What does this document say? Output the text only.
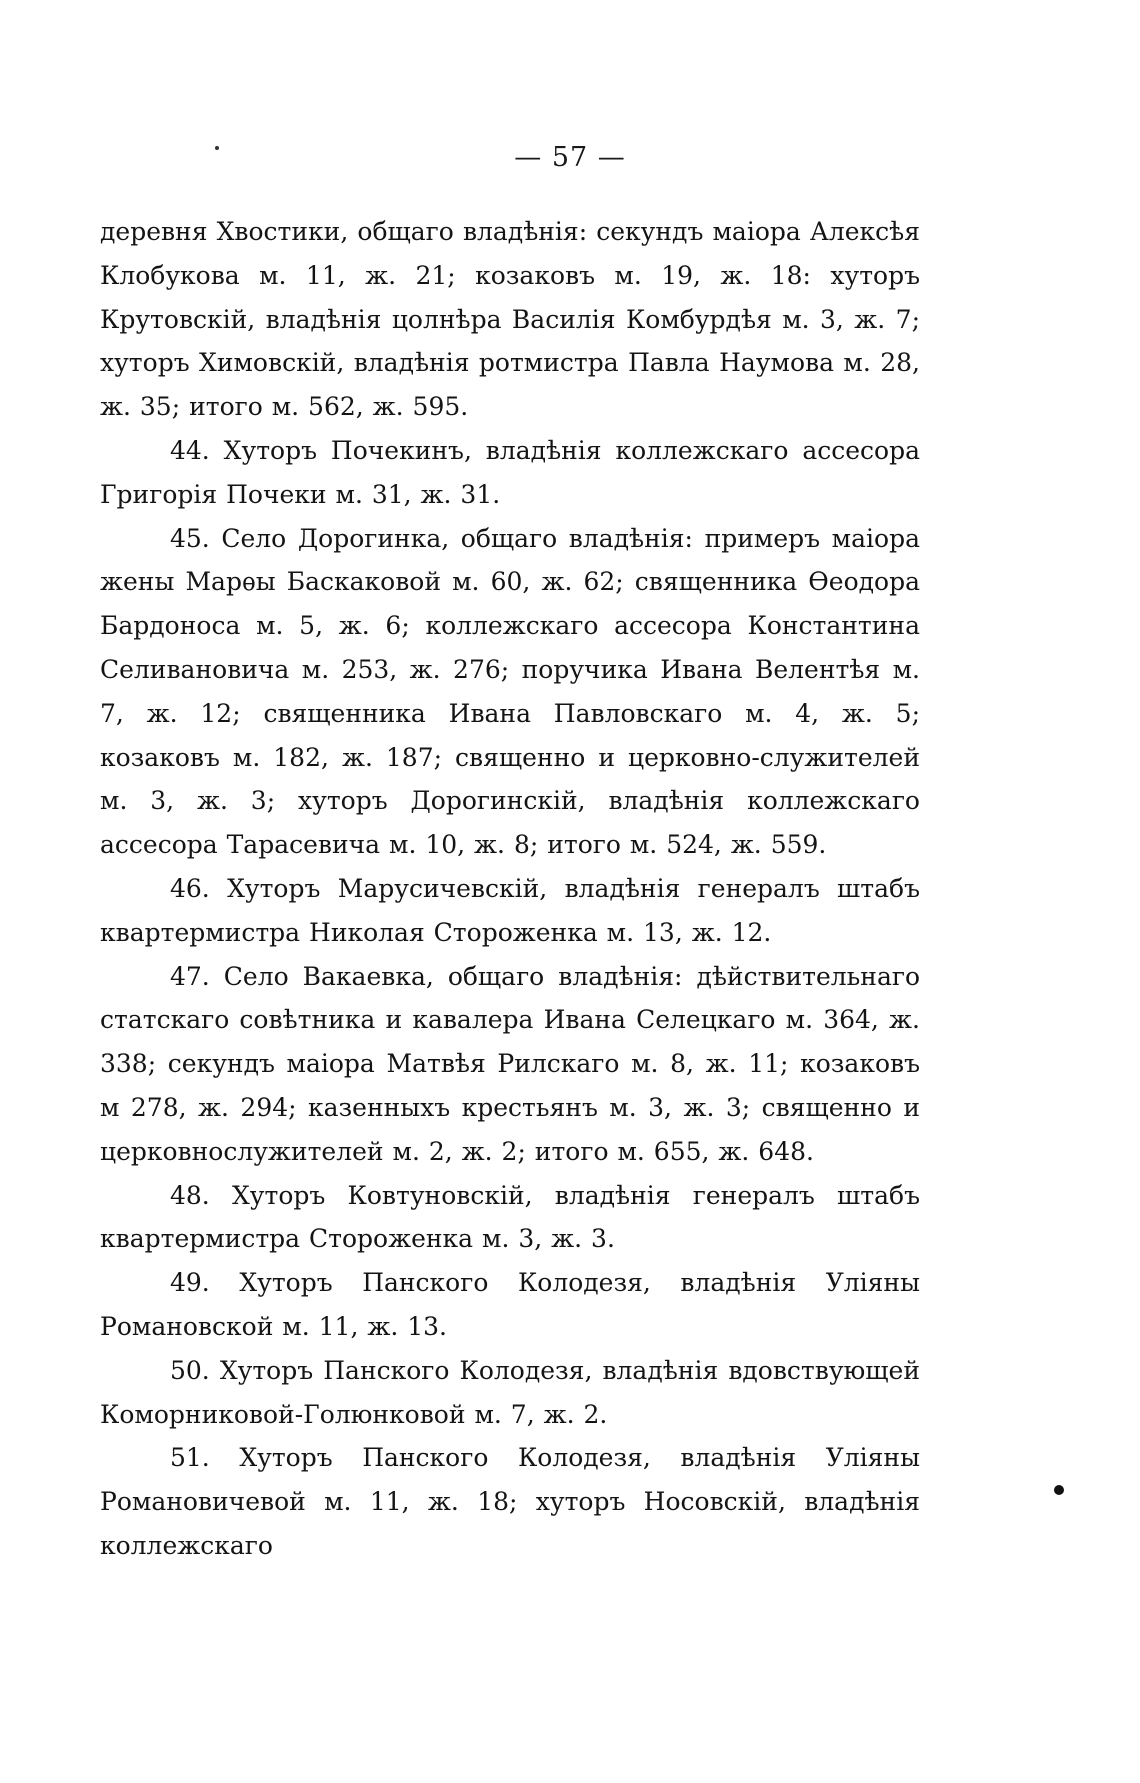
— 57 —

деревня Хвостики, общаго владѣнія: секундъ маіора Алексѣя Клобукова м. 11, ж. 21; козаковъ м. 19, ж. 18: хуторъ Крутовскій, владѣнія цолнѣра Василія Комбурдѣя м. 3, ж. 7; хуторъ Химовскій, владѣнія ротмистра Павла Наумова м. 28, ж. 35; итого м. 562, ж. 595.

44. Хуторъ Почекинъ, владѣнія коллежскаго ассесора Григорія Почеки м. 31, ж. 31.

45. Село Дорогинка, общаго владѣнія: примеръ маіора жены Марѳы Баскаковой м. 60, ж. 62; священника Ѳеодора Бардоноса м. 5, ж. 6; коллежскаго ассесора Константина Селивановича м. 253, ж. 276; поручика Ивана Велентѣя м. 7, ж. 12; священника Ивана Павловскаго м. 4, ж. 5; козаковъ м. 182, ж. 187; священно и церковно-служителей м. 3, ж. 3; хуторъ Дорогинскій, владѣнія коллежскаго ассесора Тарасевича м. 10, ж. 8; итого м. 524, ж. 559.

46. Хуторъ Марусичевскій, владѣнія генералъ штабъ квартермистра Николая Стороженка м. 13, ж. 12.

47. Село Вакаевка, общаго владѣнія: дѣйствительнаго статскаго совѣтника и кавалера Ивана Селецкаго м. 364, ж. 338; секундъ маіора Матвѣя Рилскаго м. 8, ж. 11; козаковъ м 278, ж. 294; казенныхъ крестьянъ м. 3, ж. 3; священно и церковнослужителей м. 2, ж. 2; итого м. 655, ж. 648.

48. Хуторъ Ковтуновскій, владѣнія генералъ штабъ квартермистра Стороженка м. 3, ж. 3.

49. Хуторъ Панского Колодезя, владѣнія Уліяны Романовской м. 11, ж. 13.

50. Хуторъ Панского Колодезя, владѣнія вдовствующей Коморниковой-Голюнковой м. 7, ж. 2.

51. Хуторъ Панского Колодезя, владѣнія Уліяны Романовичевой м. 11, ж. 18; хуторъ Носовскій, владѣнія коллежскаго
